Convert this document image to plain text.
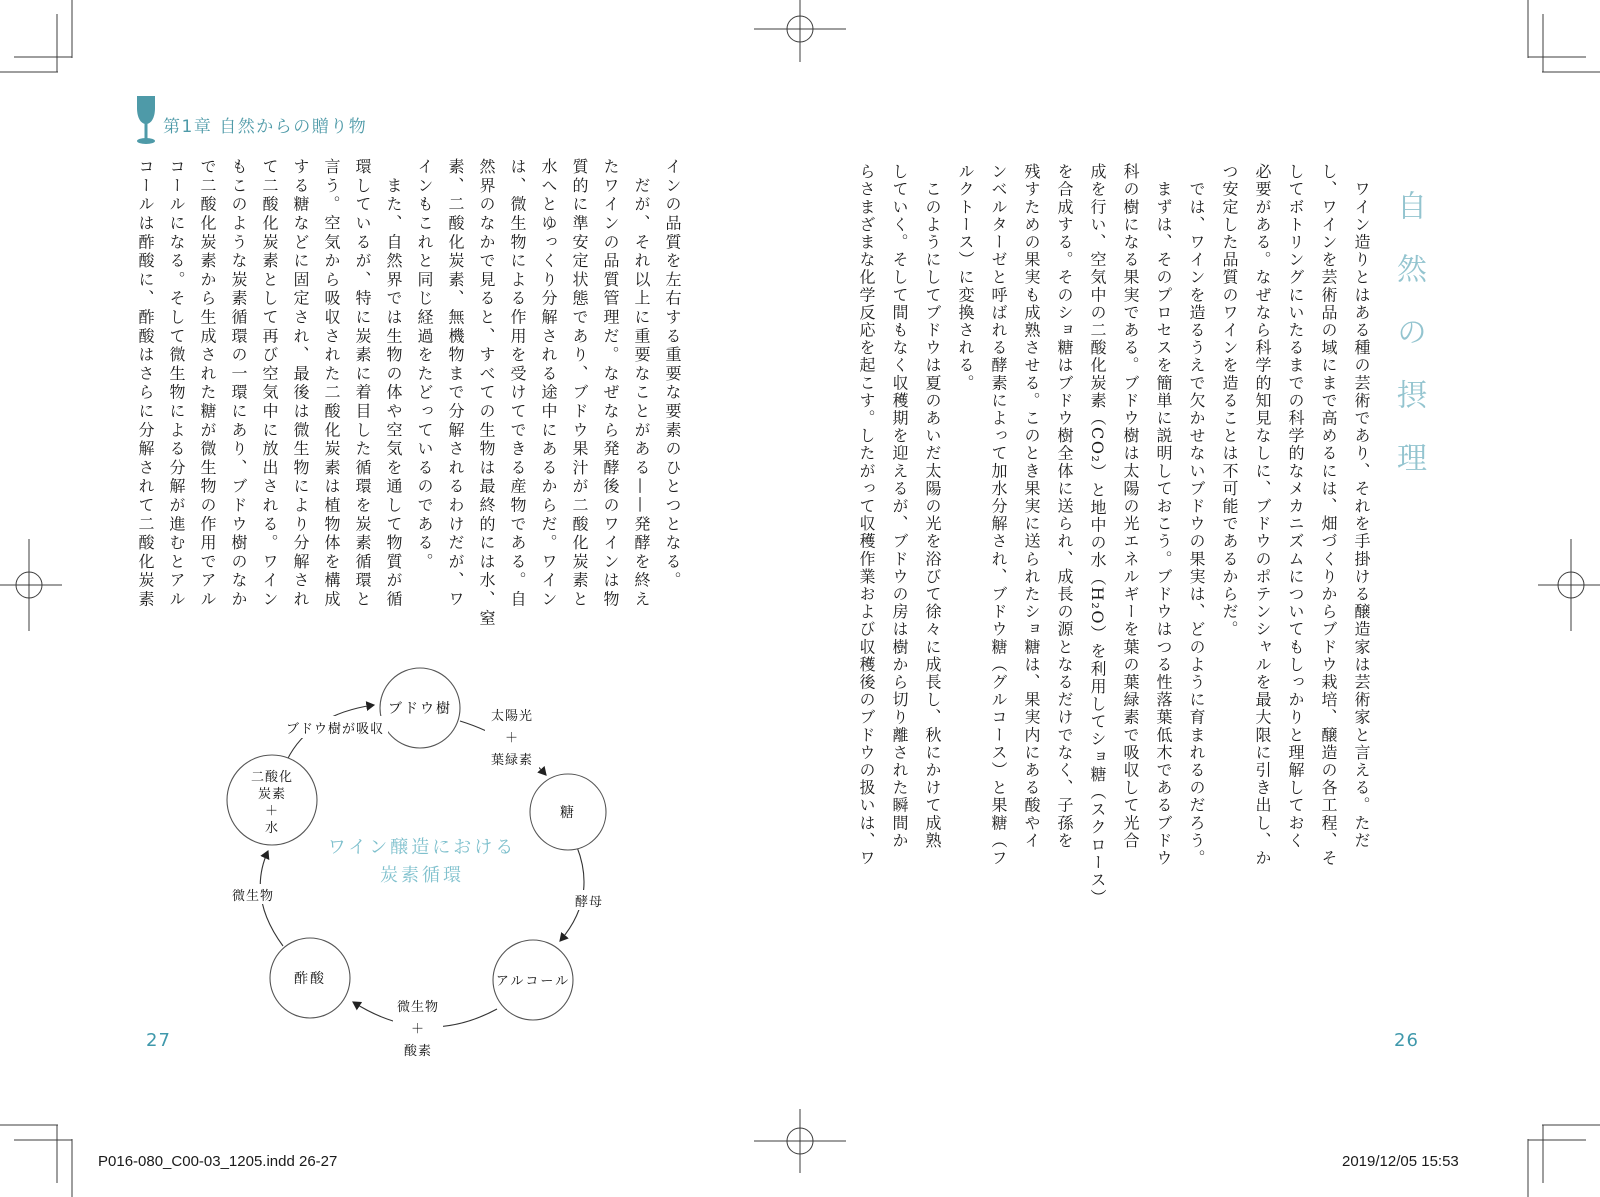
第1章 自然からの贈り物
自然の摂理
　ワイン造りとはある種の芸術であり、それを手掛ける醸造家は芸術家と言える。ただ
し、ワインを芸術品の域にまで高めるには、畑づくりからブドウ栽培、醸造の各工程、そ
してボトリングにいたるまでの科学的なメカニズムについてもしっかりと理解しておく
必要がある。なぜなら科学的知見なしに、ブドウのポテンシャルを最大限に引き出し、か
つ安定した品質のワインを造ることは不可能であるからだ。
　では、ワインを造るうえで欠かせないブドウの果実は、どのように育まれるのだろう。
　まずは、そのプロセスを簡単に説明しておこう。ブドウはつる性落葉低木であるブドウ
科の樹になる果実である。ブドウ樹は太陽の光エネルギーを葉の葉緑素で吸収して光合
成を行い、空気中の二酸化炭素（CO₂）と地中の水（H₂O）を利用してショ糖（スクロース）
を合成する。そのショ糖はブドウ樹全体に送られ、成長の源となるだけでなく、子孫を
残すための果実も成熟させる。このとき果実に送られたショ糖は、果実内にある酸やイ
ンベルターゼと呼ばれる酵素によって加水分解され、ブドウ糖（グルコース）と果糖（フ
ルクトース）に変換される。
　このようにしてブドウは夏のあいだ太陽の光を浴びて徐々に成長し、秋にかけて成熟
していく。そして間もなく収穫期を迎えるが、ブドウの房は樹から切り離された瞬間か
らさまざまな化学反応を起こす。したがって収穫作業および収穫後のブドウの扱いは、ワ
インの品質を左右する重要な要素のひとつとなる。
　だが、それ以上に重要なことがある——発酵を終え
たワインの品質管理だ。なぜなら発酵後のワインは物
質的に準安定状態であり、ブドウ果汁が二酸化炭素と
水へとゆっくり分解される途中にあるからだ。ワイン
は、微生物による作用を受けてできる産物である。自
然界のなかで見ると、すべての生物は最終的には水、窒
素、二酸化炭素、無機物まで分解されるわけだが、ワ
インもこれと同じ経過をたどっているのである。
　また、自然界では生物の体や空気を通して物質が循
環しているが、特に炭素に着目した循環を炭素循環と
言う。空気から吸収された二酸化炭素は植物体を構成
する糖などに固定され、最後は微生物により分解され
て二酸化炭素として再び空気中に放出される。ワイン
もこのような炭素循環の一環にあり、ブドウ樹のなか
で二酸化炭素から生成された糖が微生物の作用でアル
コールになる。そして微生物による分解が進むとアル
コールは酢酸に、酢酸はさらに分解されて二酸化炭素
ブドウ樹
糖
アルコール
酢酸
二酸化
炭素
＋
水
ブドウ樹が吸収
太陽光
＋
葉緑素
酵母
微生物
＋
酸素
微生物
ワイン醸造における
炭素循環
27	26
P016-080_C00-03_1205.indd 26-27	2019/12/05 15:53
